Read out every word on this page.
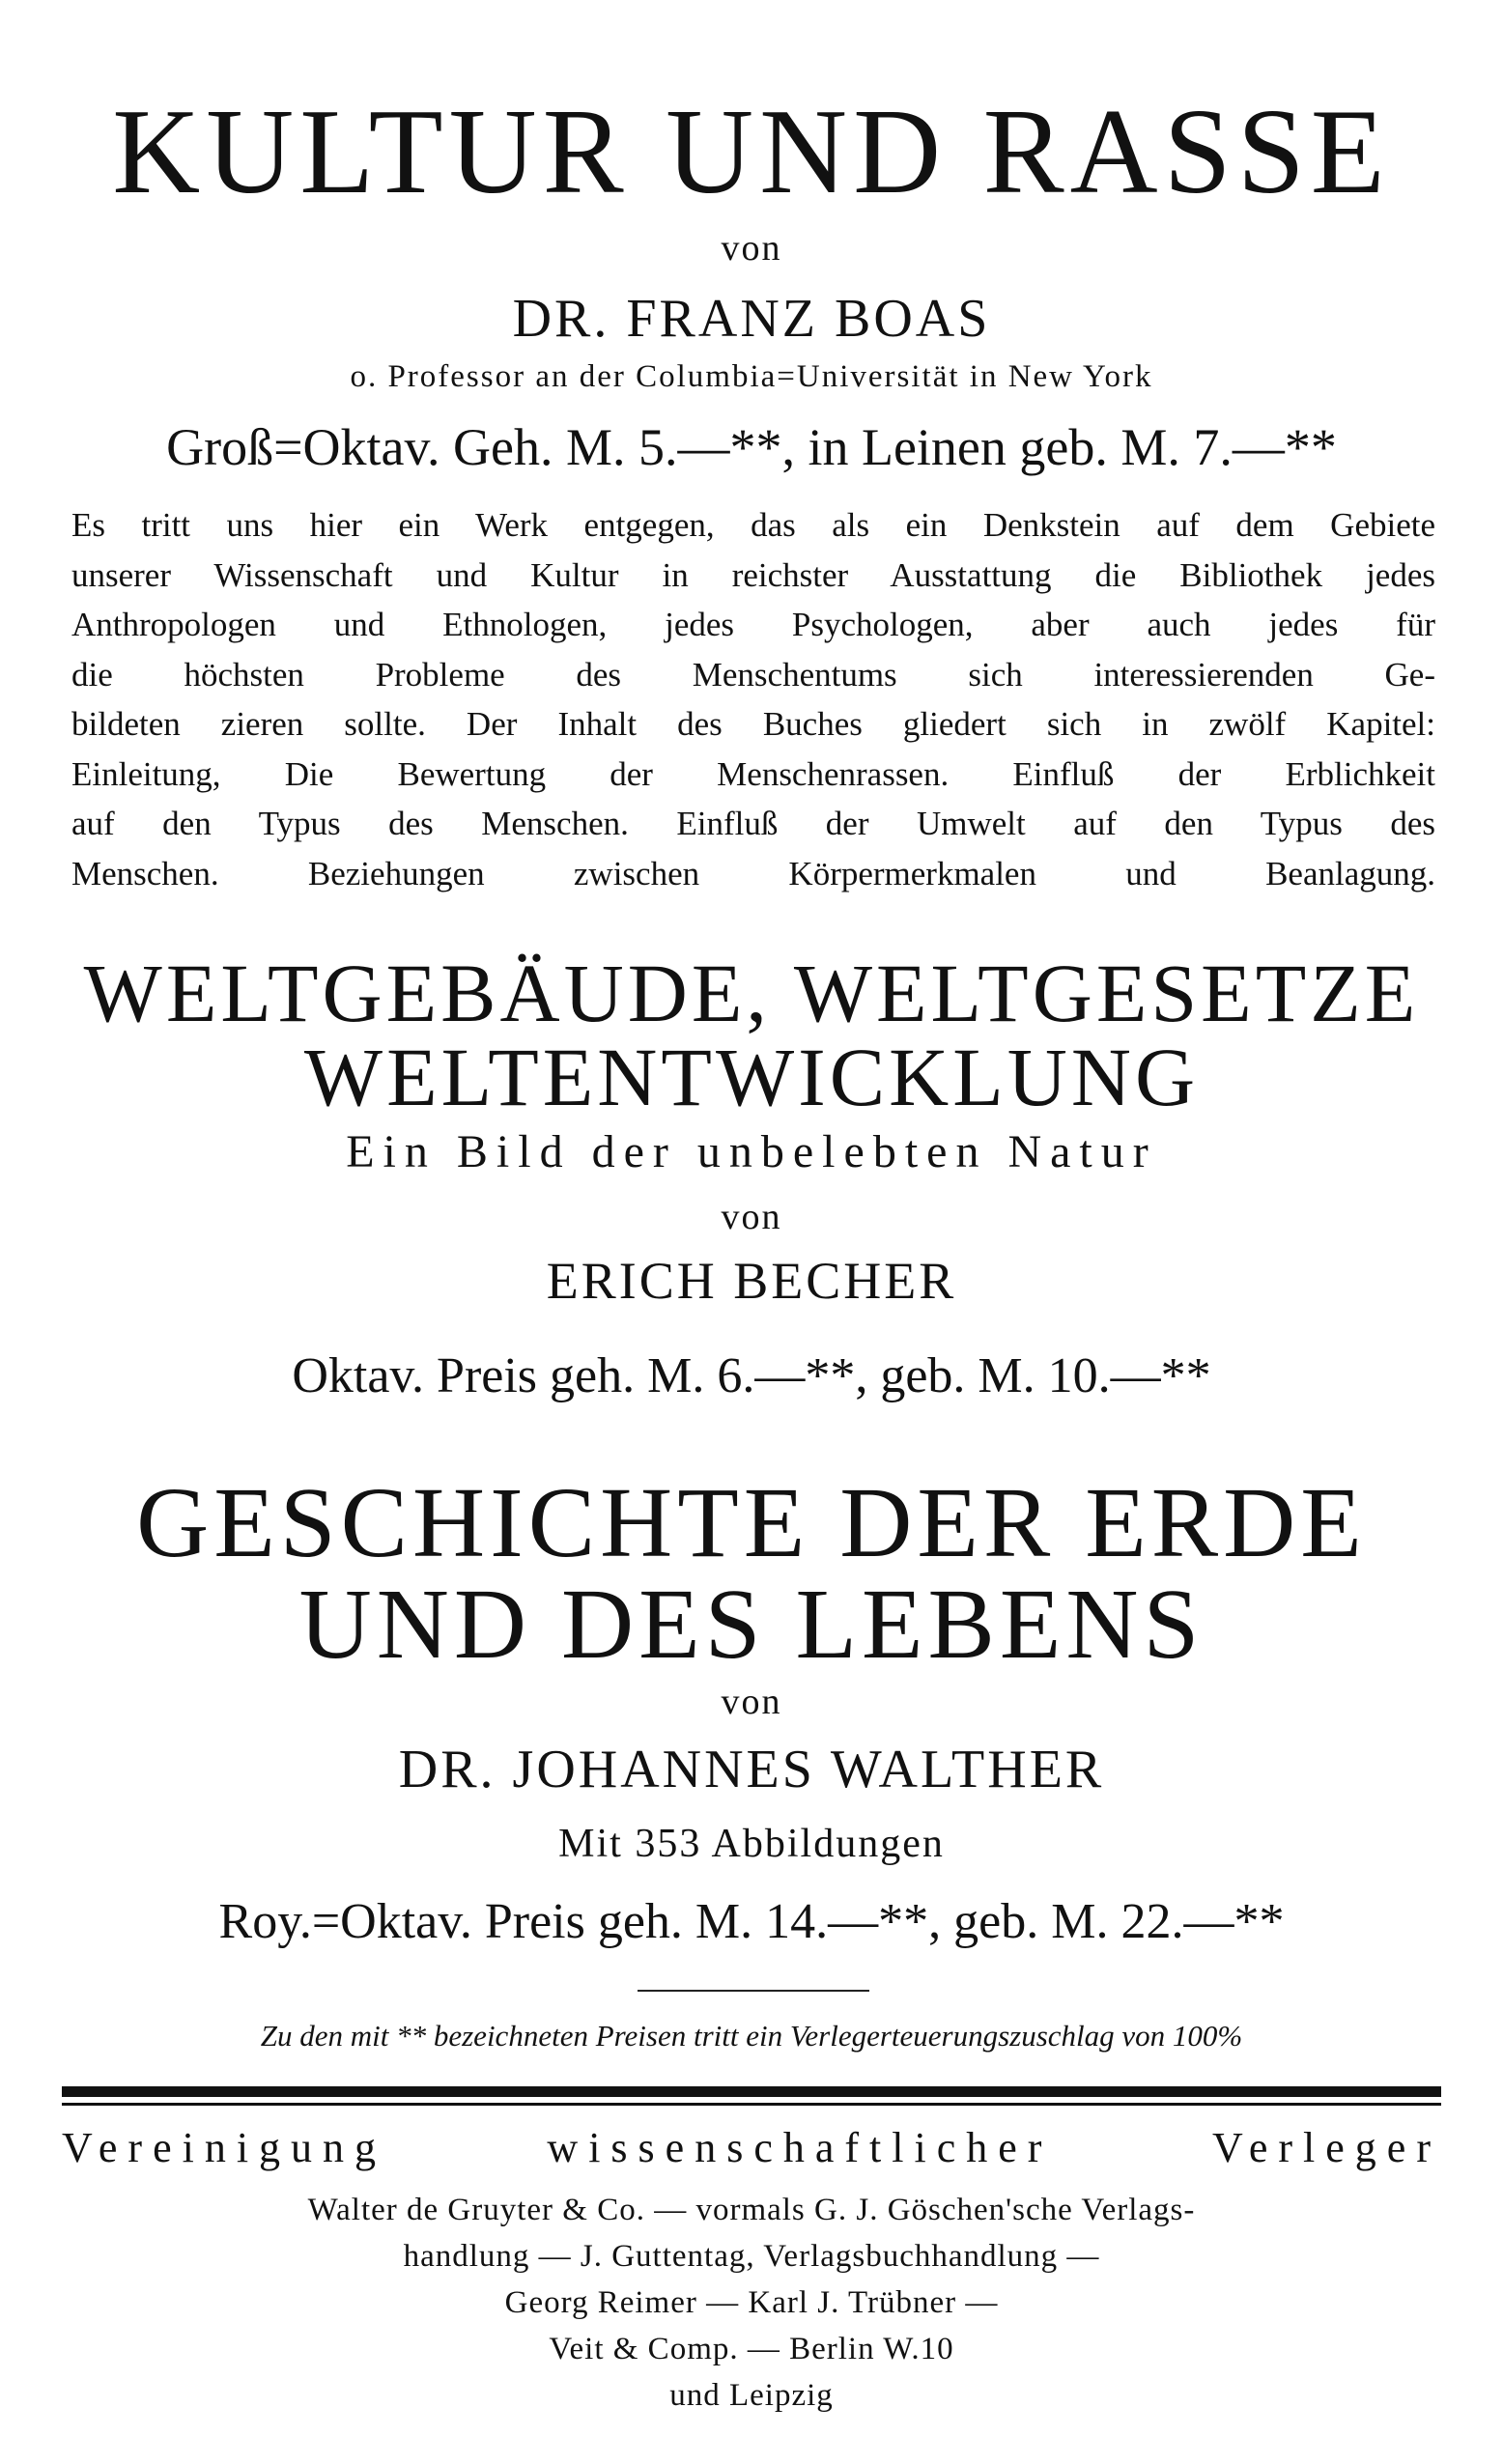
KULTUR UND RASSE
von
DR. FRANZ BOAS
o. Professor an der Columbia=Universität in New York
Groß=Oktav. Geh. M. 5.—**, in Leinen geb. M. 7.—**
Es tritt uns hier ein Werk entgegen, das als ein Denkstein auf dem Gebiete
unserer Wissenschaft und Kultur in reichster Ausstattung die Bibliothek jedes
Anthropologen und Ethnologen, jedes Psychologen, aber auch jedes für
die höchsten Probleme des Menschentums sich interessierenden Ge-
bildeten zieren sollte. Der Inhalt des Buches gliedert sich in zwölf Kapitel:
Einleitung, Die Bewertung der Menschenrassen. Einfluß der Erblichkeit
auf den Typus des Menschen. Einfluß der Umwelt auf den Typus des
Menschen. Beziehungen zwischen Körpermerkmalen und Beanlagung.
WELTGEBÄUDE, WELTGESETZE
WELTENTWICKLUNG
Ein Bild der unbelebten Natur
von
ERICH BECHER
Oktav. Preis geh. M. 6.—**, geb. M. 10.—**
GESCHICHTE DER ERDE
UND DES LEBENS
von
DR. JOHANNES WALTHER
Mit 353 Abbildungen
Roy.=Oktav. Preis geh. M. 14.—**, geb. M. 22.—**
Zu den mit ** bezeichneten Preisen tritt ein Verlegerteuerungszuschlag von 100%
Vereinigung wissenschaftlicher Verleger
Walter de Gruyter & Co. — vormals G. J. Göschen'sche Verlags-
handlung — J. Guttentag, Verlagsbuchhandlung —
Georg Reimer — Karl J. Trübner —
Veit & Comp. — Berlin W.10
und Leipzig
